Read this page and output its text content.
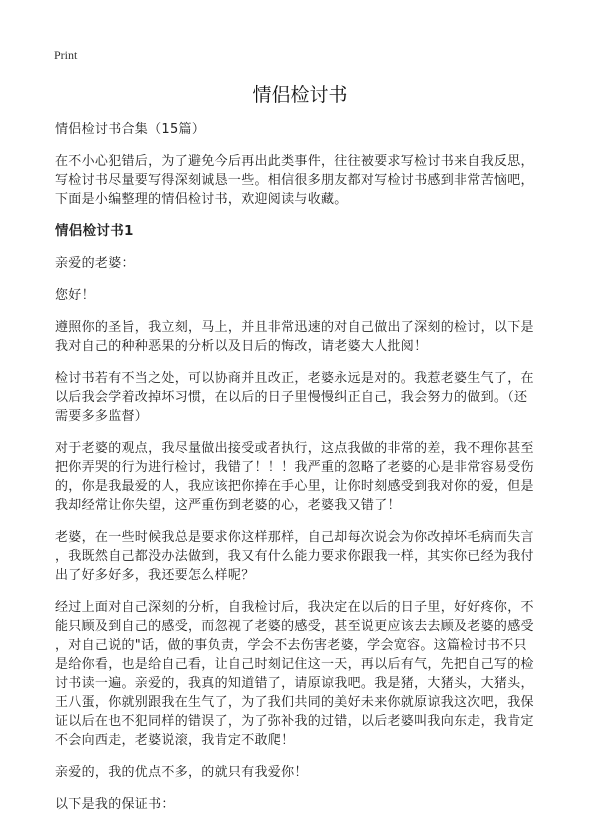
Print
情侣检讨书
情侣检讨书合集（15篇）
在不小心犯错后，为了避免今后再出此类事件，往往被要求写检讨书来自我反思，
写检讨书尽量要写得深刻诚恳一些。相信很多朋友都对写检讨书感到非常苦恼吧，
下面是小编整理的情侣检讨书，欢迎阅读与收藏。
情侣检讨书1
亲爱的老婆：
您好！
遵照你的圣旨，我立刻，马上，并且非常迅速的对自己做出了深刻的检讨，以下是
我对自己的种种恶果的分析以及日后的悔改，请老婆大人批阅！
检讨书若有不当之处，可以协商并且改正，老婆永远是对的。我惹老婆生气了，在
以后我会学着改掉坏习惯，在以后的日子里慢慢纠正自己，我会努力的做到。（还
需要多多监督）
对于老婆的观点，我尽量做出接受或者执行，这点我做的非常的差，我不理你甚至
把你弄哭的行为进行检讨，我错了！！！我严重的忽略了老婆的心是非常容易受伤
的，你是我最爱的人，我应该把你捧在手心里，让你时刻感受到我对你的爱，但是
我却经常让你失望，这严重伤到老婆的心，老婆我又错了！
老婆，在一些时候我总是要求你这样那样，自己却每次说会为你改掉坏毛病而失言
，我既然自己都没办法做到，我又有什么能力要求你跟我一样，其实你已经为我付
出了好多好多，我还要怎么样呢？
经过上面对自己深刻的分析，自我检讨后，我决定在以后的日子里，好好疼你，不
能只顾及到自己的感受，而忽视了老婆的感受，甚至说更应该去去顾及老婆的感受
，对自己说的"话，做的事负责，学会不去伤害老婆，学会宽容。这篇检讨书不只
是给你看，也是给自己看，让自己时刻记住这一天，再以后有气，先把自己写的检
讨书读一遍。亲爱的，我真的知道错了，请原谅我吧。我是猪，大猪头，大猪头，
王八蛋，你就别跟我在生气了，为了我们共同的美好未来你就原谅我这次吧，我保
证以后在也不犯同样的错误了，为了弥补我的过错，以后老婆叫我向东走，我肯定
不会向西走，老婆说滚，我肯定不敢爬！
亲爱的，我的优点不多，的就只有我爱你！
以下是我的保证书：
